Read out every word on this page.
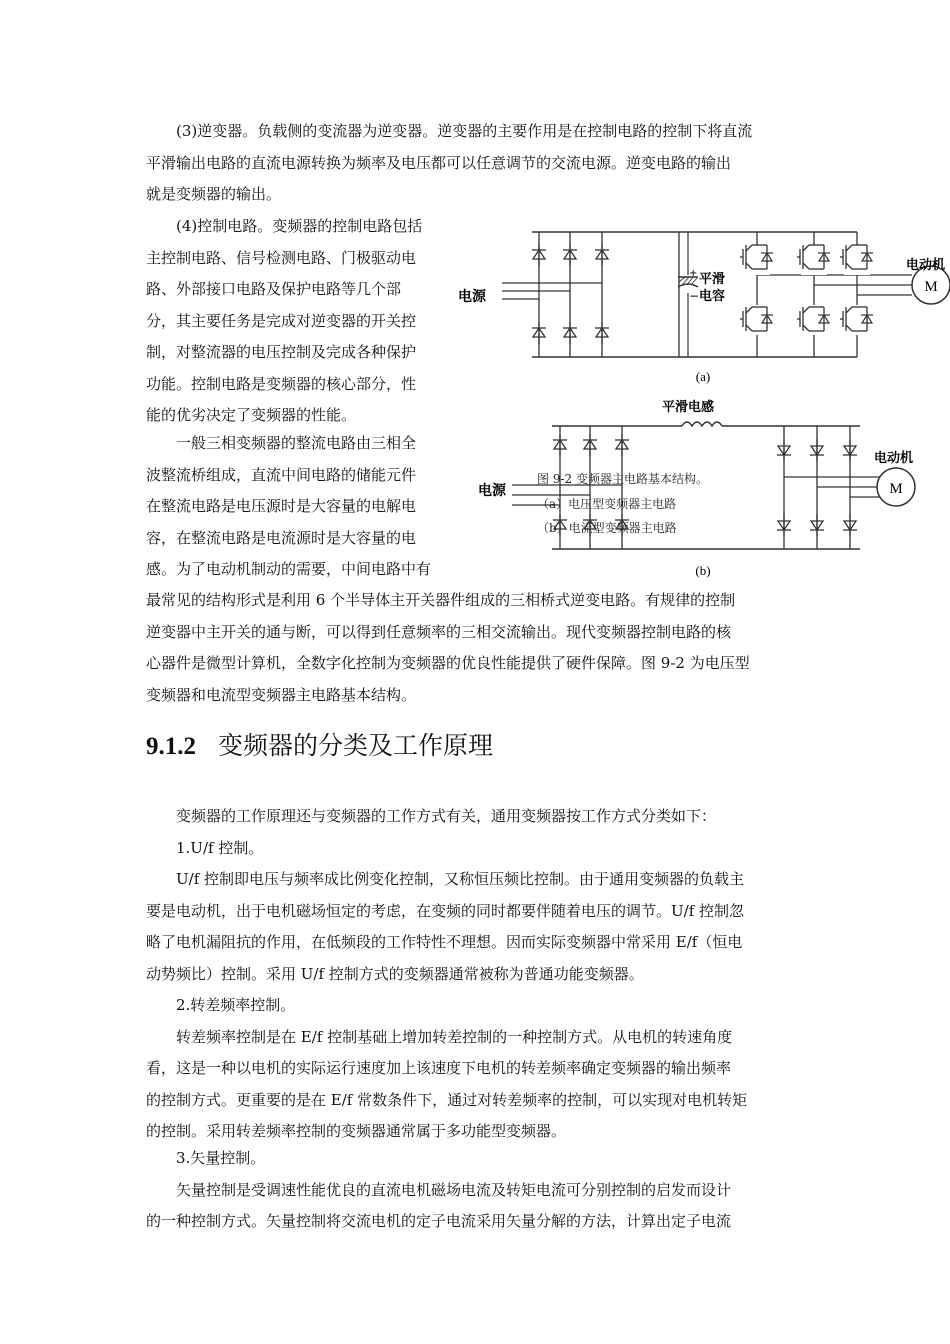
(3)逆变器。负载侧的变流器为逆变器。逆变器的主要作用是在控制电路的控制下将直流
平滑输出电路的直流电源转换为频率及电压都可以任意调节的交流电源。逆变电路的输出
就是变频器的输出。
(4)控制电路。变频器的控制电路包括
主控制电路、信号检测电路、门极驱动电
路、外部接口电路及保护电路等几个部
分，其主要任务是完成对逆变器的开关控
制，对整流器的电压控制及完成各种保护
功能。控制电路是变频器的核心部分，性
能的优劣决定了变频器的性能。
一般三相变频器的整流电路由三相全
波整流桥组成，直流中间电路的储能元件
在整流电路是电压源时是大容量的电解电
容，在整流电路是电流源时是大容量的电
感。为了电动机制动的需要，中间电路中有
最常见的结构形式是利用 6 个半导体主开关器件组成的三相桥式逆变电路。有规律的控制
逆变器中主开关的通与断，可以得到任意频率的三相交流输出。现代变频器控制电路的核
心器件是微型计算机，全数字化控制为变频器的优良性能提供了硬件保障。图 9-2 为电压型
变频器和电流型变频器主电路基本结构。
M
电源
+
−
平滑
电容
电动机
(a)
M
平滑电感
电源
电动机
(b)
图 9-2 变频器主电路基本结构。
（a）电压型变频器主电路
（b）电流型变频器主电路
9.1.2 变频器的分类及工作原理
变频器的工作原理还与变频器的工作方式有关，通用变频器按工作方式分类如下：
1.U/f 控制。
U/f 控制即电压与频率成比例变化控制，又称恒压频比控制。由于通用变频器的负载主
要是电动机，出于电机磁场恒定的考虑，在变频的同时都要伴随着电压的调节。U/f 控制忽
略了电机漏阻抗的作用，在低频段的工作特性不理想。因而实际变频器中常采用 E/f（恒电
动势频比）控制。采用 U/f 控制方式的变频器通常被称为普通功能变频器。
2.转差频率控制。
转差频率控制是在 E/f 控制基础上增加转差控制的一种控制方式。从电机的转速角度
看，这是一种以电机的实际运行速度加上该速度下电机的转差频率确定变频器的输出频率
的控制方式。更重要的是在 E/f 常数条件下，通过对转差频率的控制，可以实现对电机转矩
的控制。采用转差频率控制的变频器通常属于多功能型变频器。
3.矢量控制。
矢量控制是受调速性能优良的直流电机磁场电流及转矩电流可分别控制的启发而设计
的一种控制方式。矢量控制将交流电机的定子电流采用矢量分解的方法，计算出定子电流
